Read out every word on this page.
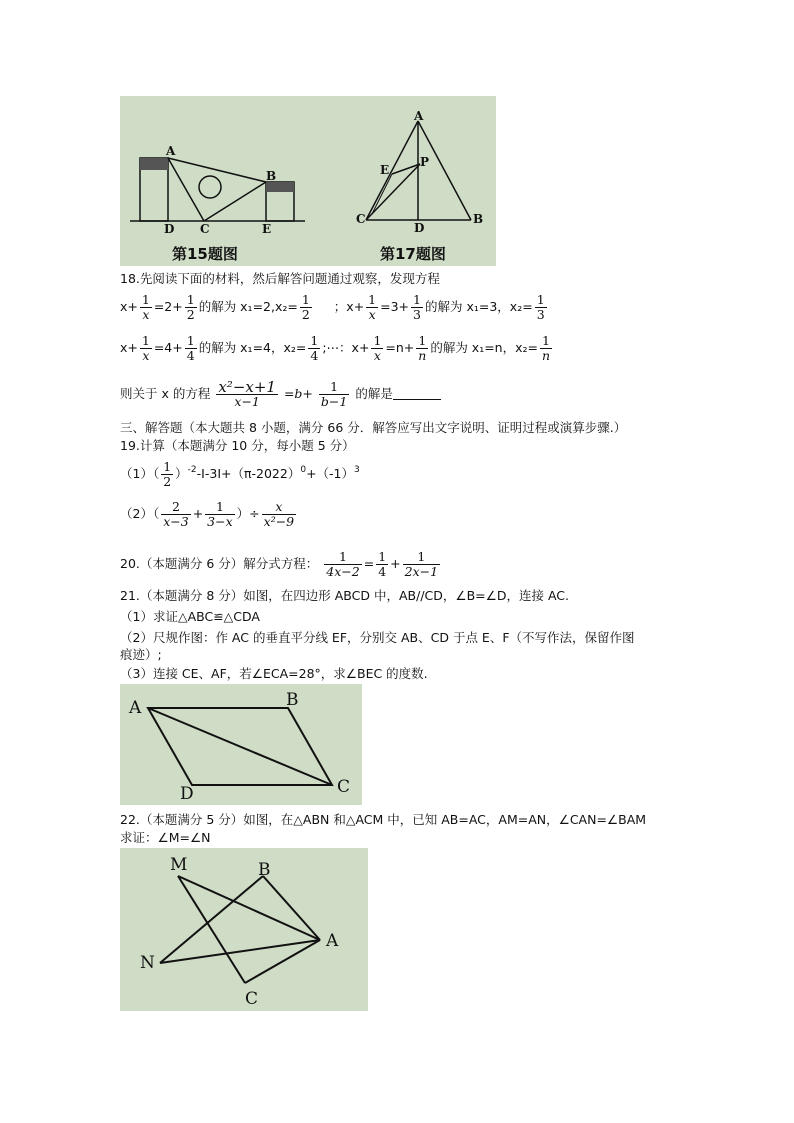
A
B
D C	E
第15题图
A
P
E
C
D
B
第17题图
18.先阅读下面的材料，然后解答问题通过观察，发现方程
$x+ \frac{1}{x} =2+ \frac{1}{2}$ 的解为 $x_1=2,x_2= \frac{1}{2}$ ；$x+ \frac{1}{x} =3+ \frac{1}{3}$ 的解为 x₁=3，$x_2= \frac{1}{3}$
$x+ \frac{1}{x} =4+ \frac{1}{4}$ 的解为 x₁=4，$x_2= \frac{1}{4}$ ;⋯：$x+ \frac{1}{x} =n+ \frac{1}{n}$ 的解为 x₁=n，$x_2= \frac{1}{n}$
则关于 x 的方程 $\frac{\text{x²−x+1}}{x-1} =b+ \frac{1}{b-1}$ 的解是
三、解答题（本大题共 8 小题，满分 66 分．解答应写出文字说明、证明过程或演算步骤.）
19.计算（本题满分 10 分，每小题 5 分）
$(1)( \frac{1}{2} )^{-2}-I-3I+(\pi-2022)^0+(-1)^3$
$(2)( \frac{2}{x-3} + \frac{1}{3-x}$ ）÷ $\frac{x}{\text{x²−9}}$
20.（本题满分 6 分）解分式方程： $\frac{1}{4x-2} = \frac{1}{4} + \frac{1}{2x-1}$
21.（本题满分 8 分）如图，在四边形 ABCD 中，AB//CD，∠B=∠D，连接 AC.
（1）求证△ABC≌△CDA
（2）尺规作图：作 AC 的垂直平分线 EF，分别交 AB、CD 于点 E、F（不写作法，保留作图
痕迹）;
（3）连接 CE、AF，若∠ECA=28°，求∠BEC 的度数.
A	B
C
D
22.（本题满分 5 分）如图，在△ABN 和△ACM 中，已知 AB=AC，AM=AN，∠CAN=∠BAM
求证：∠M=∠N
M	B
A
N
C
